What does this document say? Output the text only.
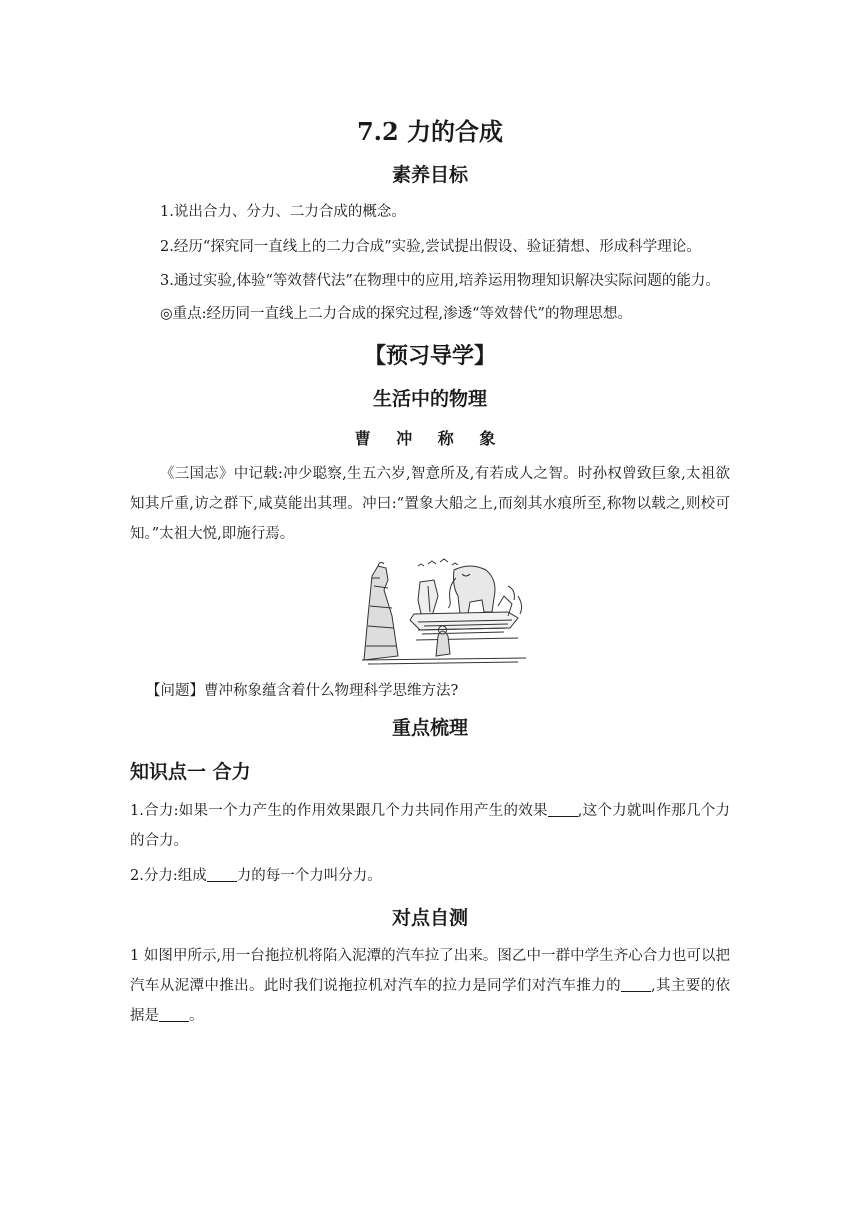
7.2 力的合成
素养目标
1.说出合力、分力、二力合成的概念。
2.经历“探究同一直线上的二力合成”实验,尝试提出假设、验证猜想、形成科学理论。
3.通过实验,体验“等效替代法”在物理中的应用,培养运用物理知识解决实际问题的能力。
◎重点:经历同一直线上二力合成的探究过程,渗透“等效替代”的物理思想。
【预习导学】
生活中的物理
曹 冲 称 象
《三国志》中记载:冲少聪察,生五六岁,智意所及,有若成人之智。时孙权曾致巨象,太祖欲知其斤重,访之群下,咸莫能出其理。冲曰:“置象大船之上,而刻其水痕所至,称物以载之,则校可知。”太祖大悦,即施行焉。
【问题】曹冲称象蕴含着什么物理科学思维方法?
重点梳理
知识点一 合力
1.合力:如果一个力产生的作用效果跟几个力共同作用产生的效果 ,这个力就叫作那几个力的合力。
2.分力:组成 力的每一个力叫分力。
对点自测
1 如图甲所示,用一台拖拉机将陷入泥潭的汽车拉了出来。图乙中一群中学生齐心合力也可以把汽车从泥潭中推出。此时我们说拖拉机对汽车的拉力是同学们对汽车推力的 ,其主要的依据是 。
